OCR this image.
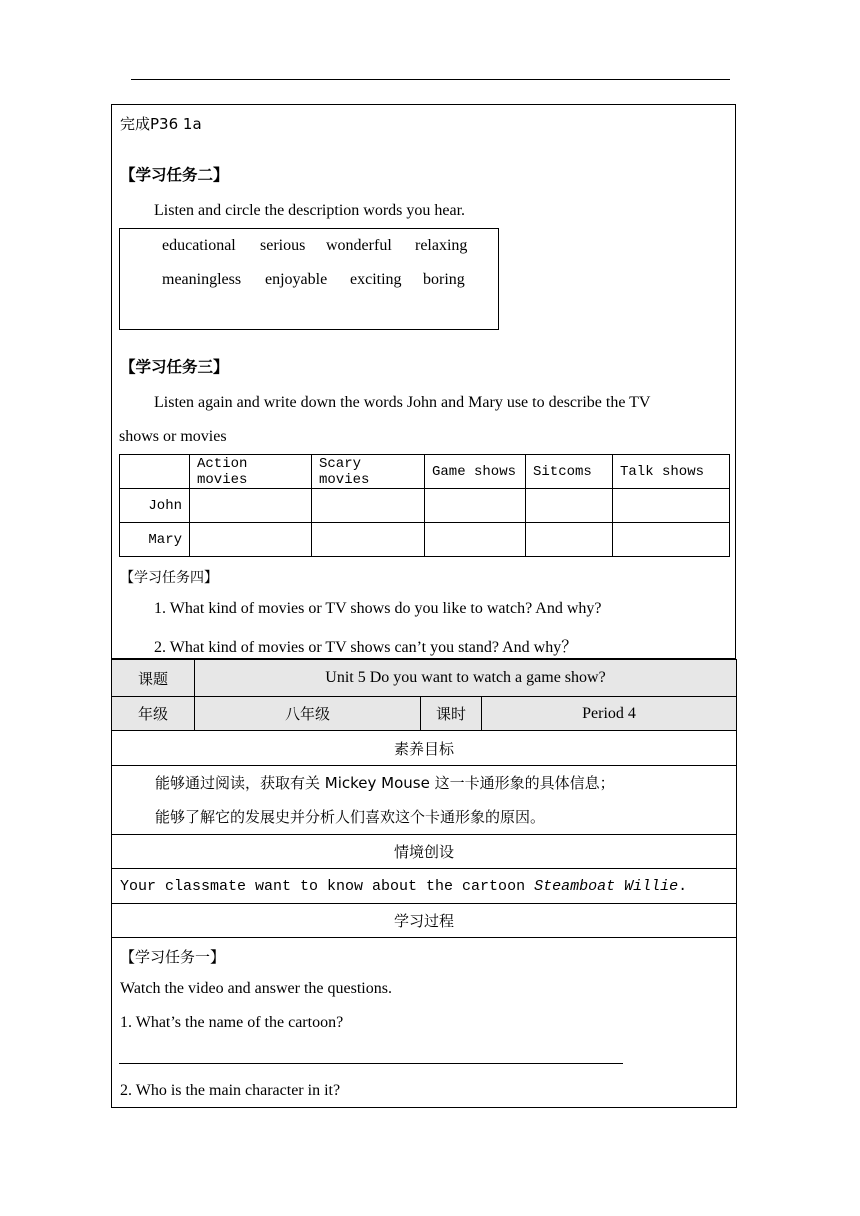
完成P36 1a
【学习任务二】
Listen and circle the description words you hear.
educational serious wonderful relaxing
meaningless enjoyable exciting boring
【学习任务三】
Listen again and write down the words John and Mary use to describe the TV
shows or movies
	Action movies	Scary movies	Game shows	Sitcoms	Talk shows
John					
Mary					
【学习任务四】
1. What kind of movies or TV shows do you like to watch? And why?
2. What kind of movies or TV shows can’t you stand? And why？
课题	Unit 5 Do you want to watch a game show?
年级	八年级	课时	Period 4
素养目标
能够通过阅读，获取有关 Mickey Mouse 这一卡通形象的具体信息；
能够了解它的发展史并分析人们喜欢这个卡通形象的原因。
情境创设
Your classmate want to know about the cartoon Steamboat Willie .
学习过程
【学习任务一】
Watch the video and answer the questions.
1. What’s the name of the cartoon?
2. Who is the main character in it?
